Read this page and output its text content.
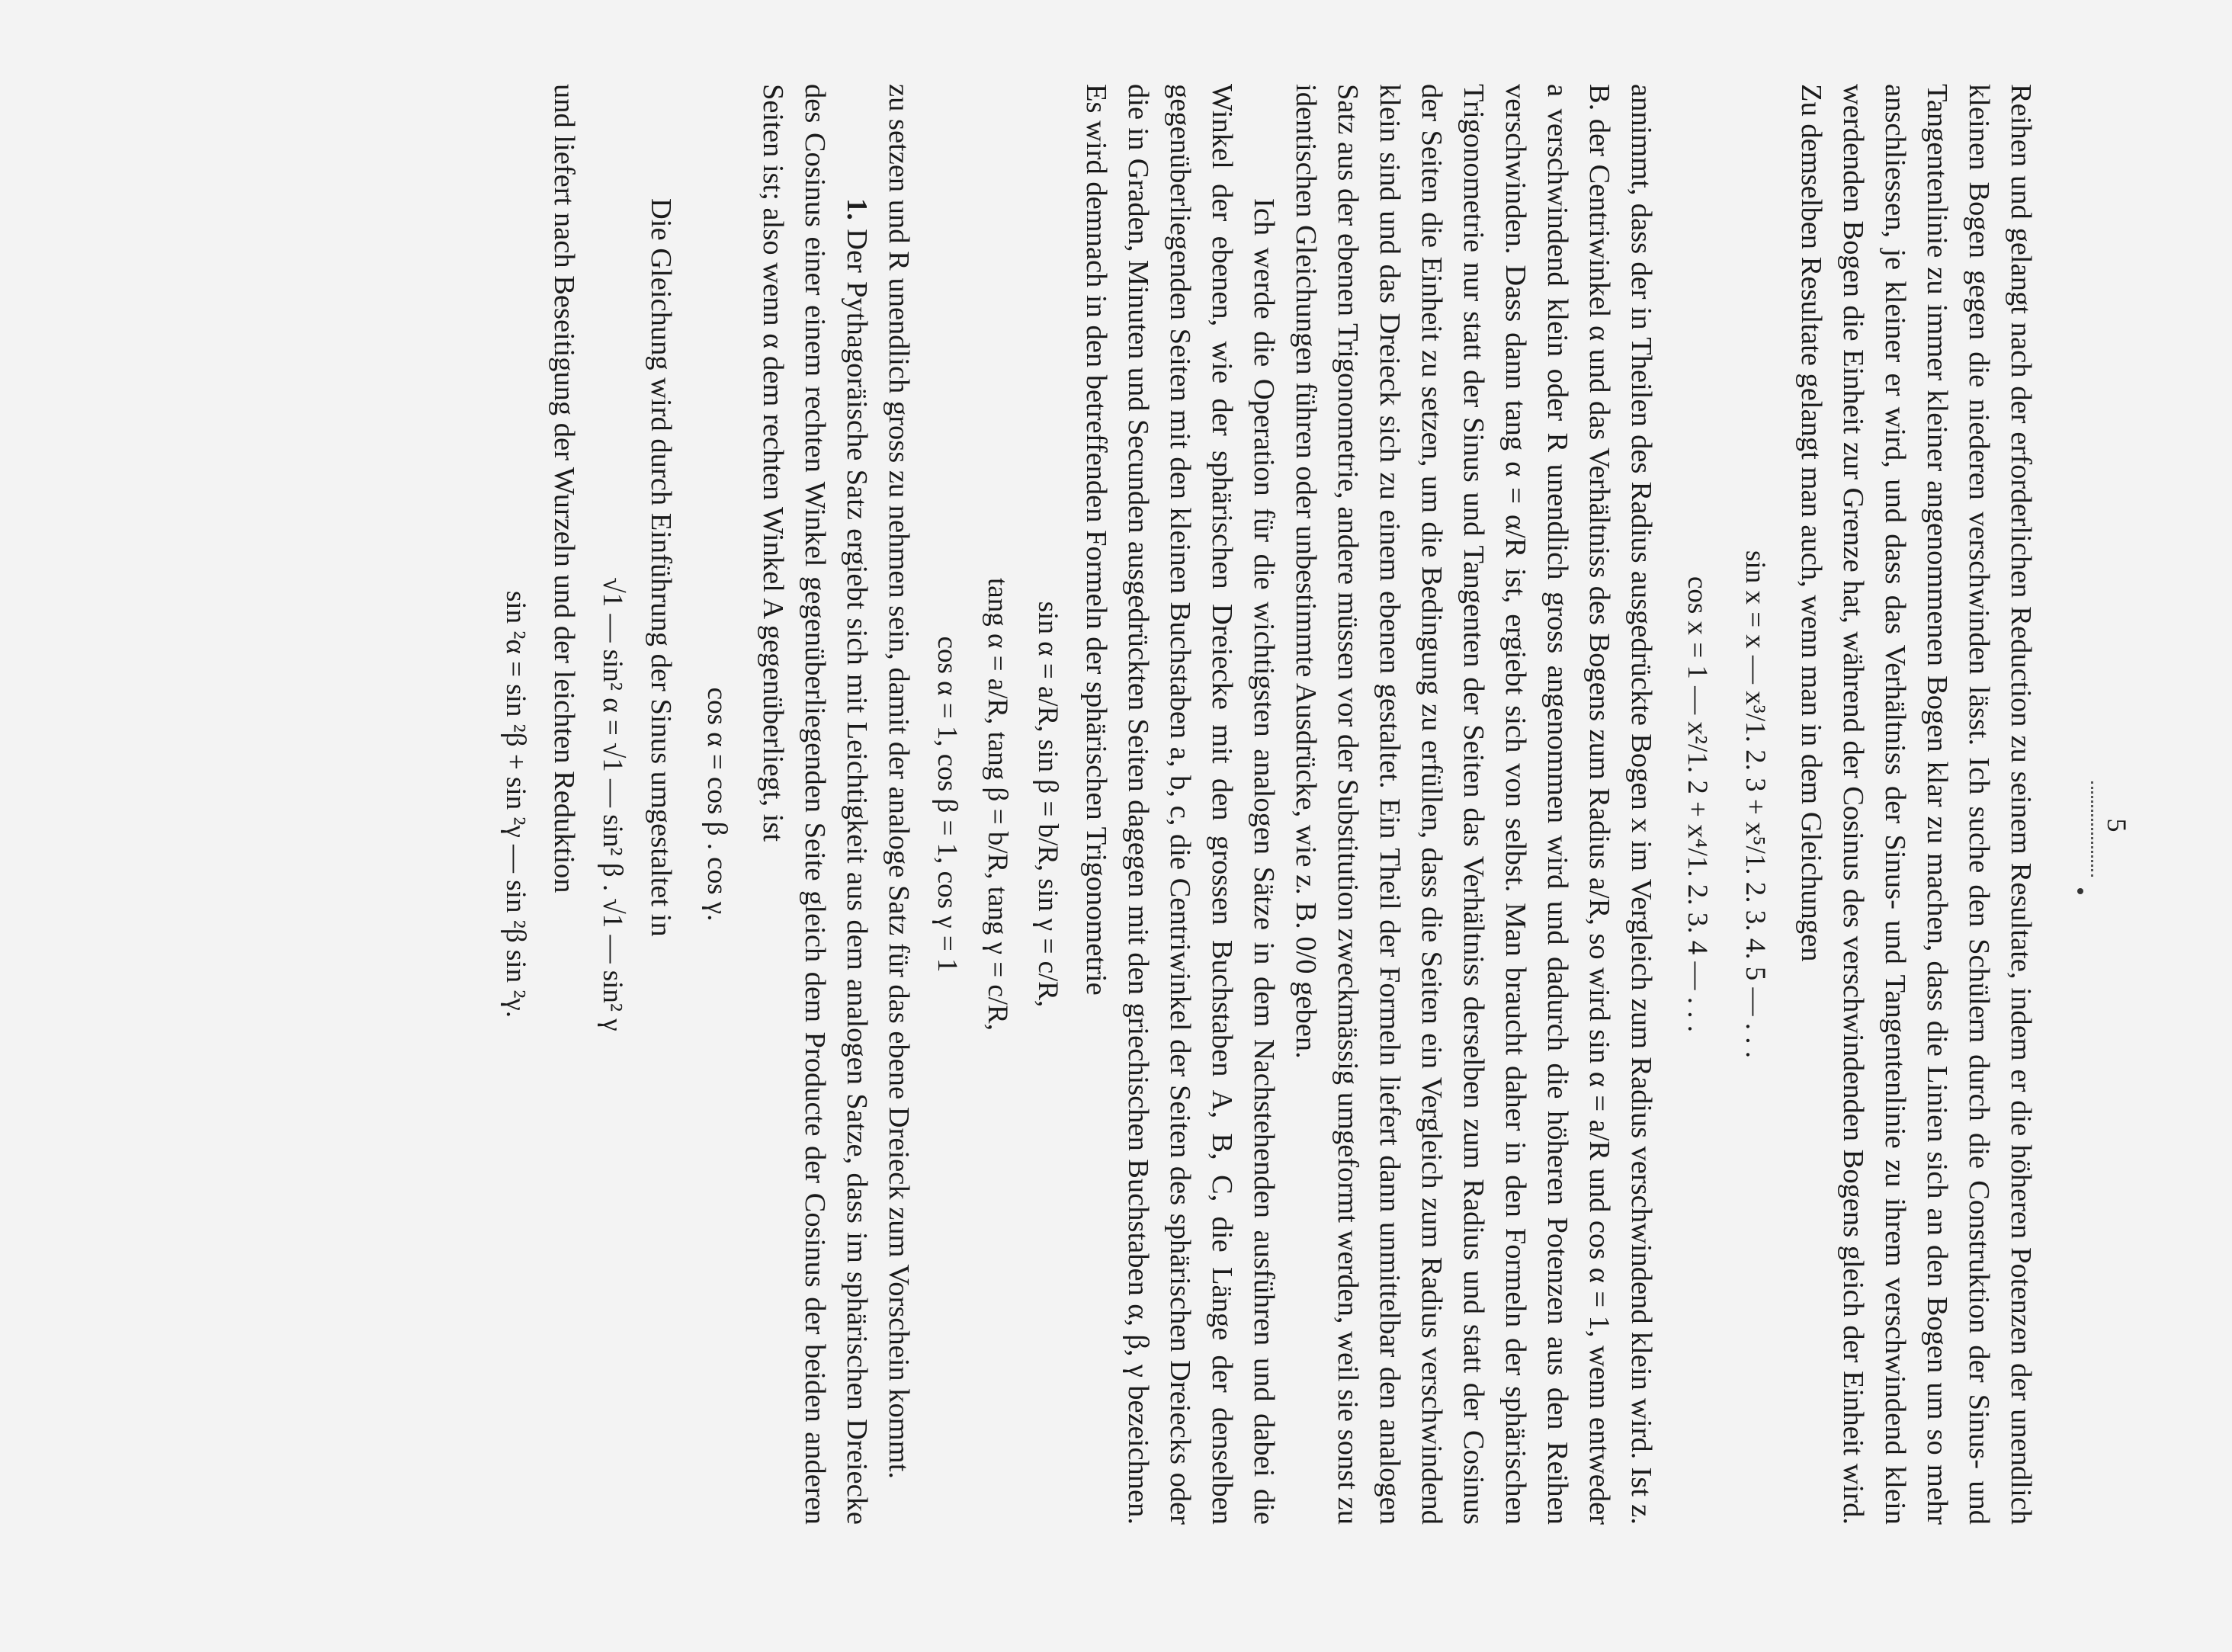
5

Reihen und gelangt nach der erforderlichen Reduction zu seinem Resultate, indem er die höheren Potenzen der unendlich kleinen Bogen gegen die niederen verschwinden lässt. Ich suche den Schülern durch die Construktion der Sinus- und Tangentenlinie zu immer kleiner angenommenen Bogen klar zu machen, dass die Linien sich an den Bogen um so mehr anschliessen, je kleiner er wird, und dass das Verhältniss der Sinus- und Tangentenlinie zu ihrem verschwindend klein werdenden Bogen die Einheit zur Grenze hat, während der Cosinus des verschwindenden Bogens gleich der Einheit wird. Zu demselben Resultate gelangt man auch, wenn man in dem Gleichungen

sin x = x — x³/1. 2. 3 + x⁵/1. 2. 3. 4. 5 — . . .
cos x = 1 — x²/1. 2 + x⁴/1. 2. 3. 4 — . . .

annimmt, dass der in Theilen des Radius ausgedrückte Bogen x im Vergleich zum Radius verschwindend klein wird. Ist z. B. der Centriwinkel α und das Verhältniss des Bogens zum Radius a/R, so wird sin α = a/R und cos α = 1, wenn entweder a verschwindend klein oder R unendlich gross angenommen wird und dadurch die höheren Potenzen aus den Reihen verschwinden. Dass dann tang α = α/R ist, ergiebt sich von selbst. Man braucht daher in den Formeln der sphärischen Trigonometrie nur statt der Sinus und Tangenten der Seiten das Verhältniss derselben zum Radius und statt der Cosinus der Seiten die Einheit zu setzen, um die Bedingung zu erfüllen, dass die Seiten ein Vergleich zum Radius verschwindend klein sind und das Dreieck sich zu einem ebenen gestaltet. Ein Theil der Formeln liefert dann unmittelbar den analogen Satz aus der ebenen Trigonometrie, andere müssen vor der Substitution zweckmässig umgeformt werden, weil sie sonst zu identischen Gleichungen führen oder unbestimmte Ausdrücke, wie z. B. 0/0 geben.

Ich werde die Operation für die wichtigsten analogen Sätze in dem Nachstehenden ausführen und dabei die Winkel der ebenen, wie der sphärischen Dreiecke mit den grossen Buchstaben A, B, C, die Länge der denselben gegenüberliegenden Seiten mit den kleinen Buchstaben a, b, c, die Centriwinkel der Seiten des sphärischen Dreiecks oder die in Graden, Minuten und Secunden ausgedrückten Seiten dagegen mit den griechischen Buchstaben α, β, γ bezeichnen. Es wird demnach in den betreffenden Formeln der sphärischen Trigonometrie

sin α = a/R, sin β = b/R, sin γ = c/R,
tang α = a/R, tang β = b/R, tang γ = c/R,
cos α = 1, cos β = 1, cos γ = 1

zu setzen und R unendlich gross zu nehmen sein, damit der analoge Satz für das ebene Dreieck zum Vorschein kommt.

1. Der Pythagoräische Satz ergiebt sich mit Leichtigkeit aus dem analogen Satze, dass im sphärischen Dreiecke des Cosinus einer einem rechten Winkel gegenüberliegenden Seite gleich dem Producte der Cosinus der beiden anderen Seiten ist; also wenn α dem rechten Winkel A gegenüberliegt, ist

cos α = cos β . cos γ.

Die Gleichung wird durch Einführung der Sinus umgestaltet in

√1 — sin² α = √1 — sin² β . √1 — sin² γ

und liefert nach Beseitigung der Wurzeln und der leichten Reduktion

sin ²α = sin ²β + sin ²γ — sin ²β sin ²γ.
